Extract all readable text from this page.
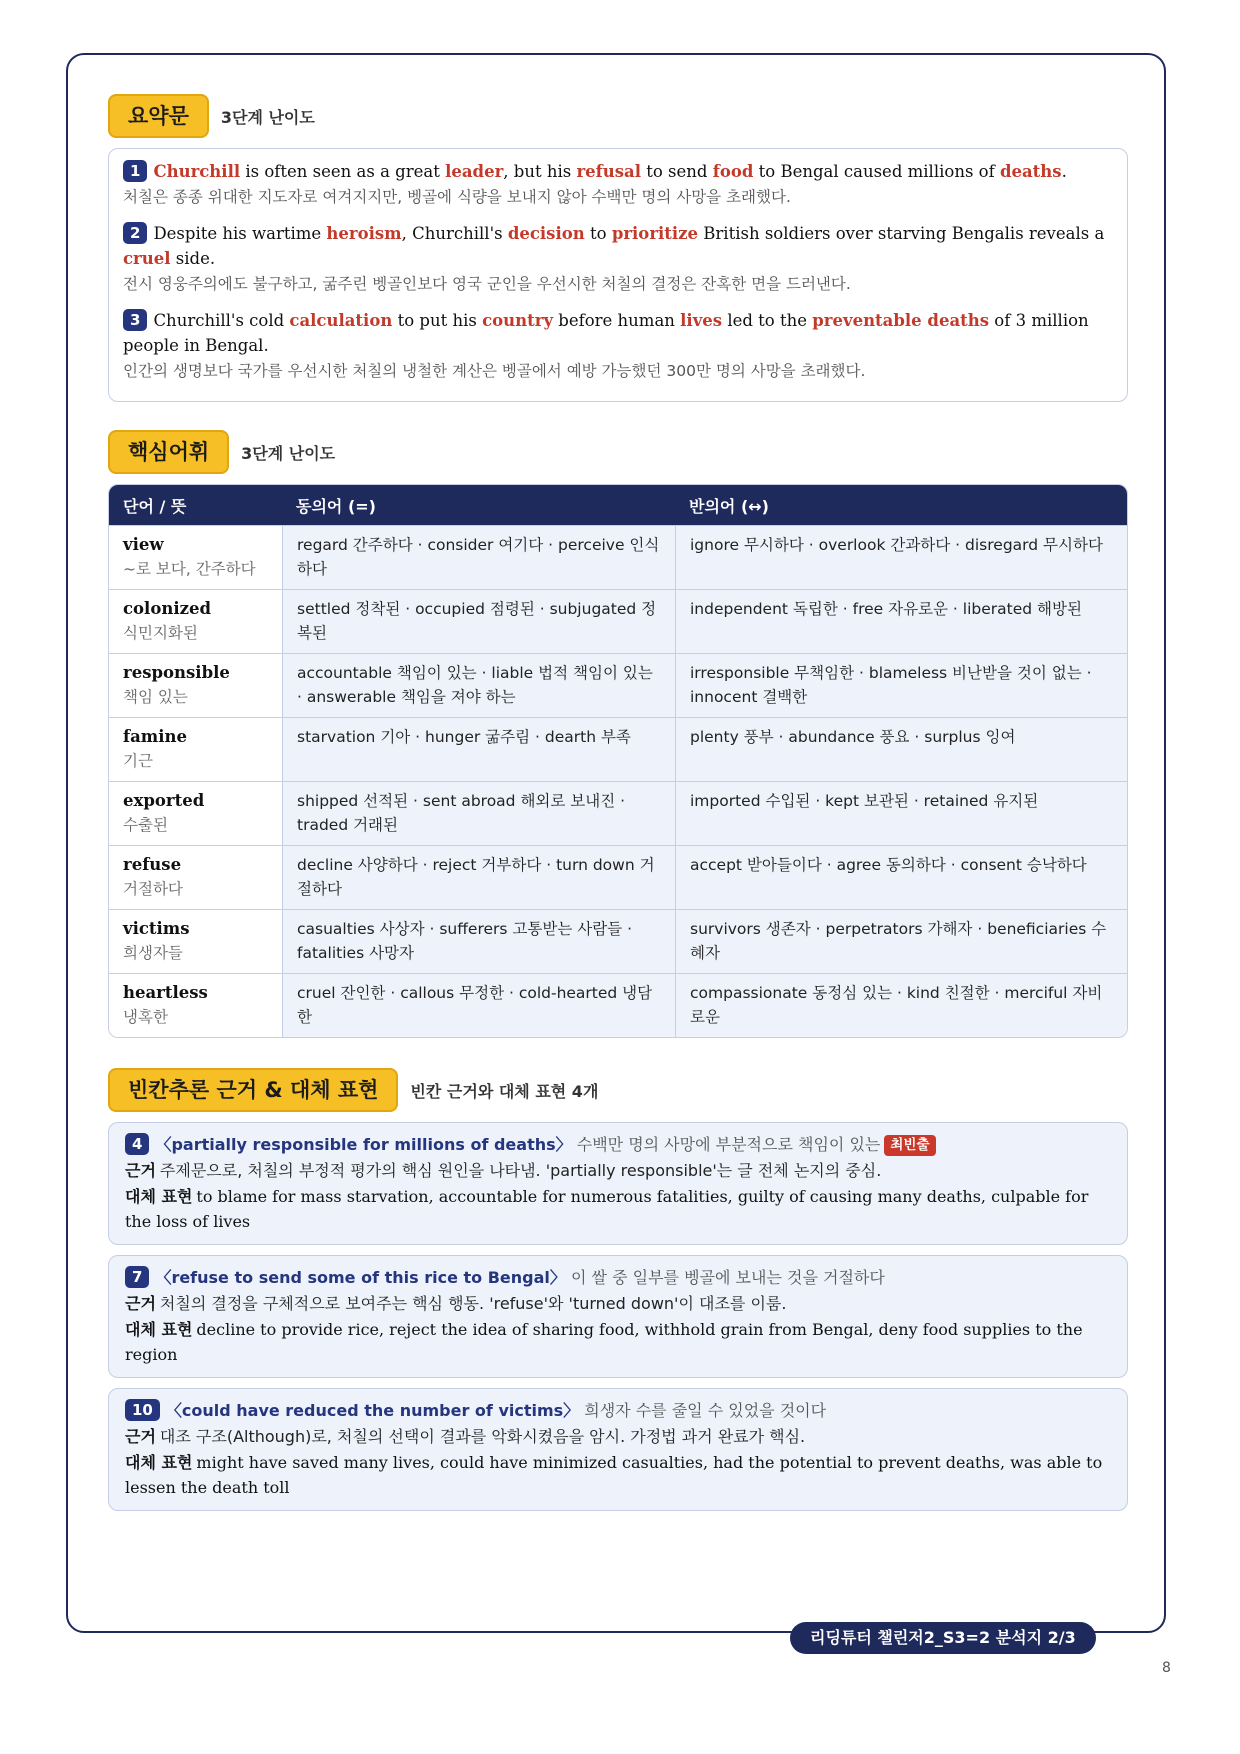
요약문	3단계 난이도
1 Churchill is often seen as a great leader, but his refusal to send food to Bengal caused millions of deaths.
처칠은 종종 위대한 지도자로 여겨지지만, 벵골에 식량을 보내지 않아 수백만 명의 사망을 초래했다.
2 Despite his wartime heroism, Churchill's decision to prioritize British soldiers over starving Bengalis reveals a cruel side.
전시 영웅주의에도 불구하고, 굶주린 벵골인보다 영국 군인을 우선시한 처칠의 결정은 잔혹한 면을 드러낸다.
3 Churchill's cold calculation to put his country before human lives led to the preventable deaths of 3 million people in Bengal.
인간의 생명보다 국가를 우선시한 처칠의 냉철한 계산은 벵골에서 예방 가능했던 300만 명의 사망을 초래했다.
핵심어휘	3단계 난이도
단어 / 뜻	동의어 (=)	반의어 (↔)

view
~로 보다, 간주하다	regard 간주하다 · consider 여기다 · perceive 인식하다	ignore 무시하다 · overlook 간과하다 · disregard 무시하다

colonized
식민지화된	settled 정착된 · occupied 점령된 · subjugated 정복된	independent 독립한 · free 자유로운 · liberated 해방된

responsible
책임 있는	accountable 책임이 있는 · liable 법적 책임이 있는 · answerable 책임을 져야 하는	irresponsible 무책임한 · blameless 비난받을 것이 없는 · innocent 결백한

famine
기근	starvation 기아 · hunger 굶주림 · dearth 부족	plenty 풍부 · abundance 풍요 · surplus 잉여

exported
수출된	shipped 선적된 · sent abroad 해외로 보내진 · traded 거래된	imported 수입된 · kept 보관된 · retained 유지된

refuse
거절하다	decline 사양하다 · reject 거부하다 · turn down 거절하다	accept 받아들이다 · agree 동의하다 · consent 승낙하다

victims
희생자들	casualties 사상자 · sufferers 고통받는 사람들 · fatalities 사망자	survivors 생존자 · perpetrators 가해자 · beneficiaries 수혜자

heartless
냉혹한	cruel 잔인한 · callous 무정한 · cold-hearted 냉담한	compassionate 동정심 있는 · kind 친절한 · merciful 자비로운
빈칸추론 근거 & 대체 표현	빈칸 근거와 대체 표현 4개
4 〈partially responsible for millions of deaths〉 수백만 명의 사망에 부분적으로 책임이 있는 최빈출
근거 주제문으로, 처칠의 부정적 평가의 핵심 원인을 나타냄. 'partially responsible'는 글 전체 논지의 중심.
대체 표현 to blame for mass starvation, accountable for numerous fatalities, guilty of causing many deaths, culpable for the loss of lives
7 〈refuse to send some of this rice to Bengal〉 이 쌀 중 일부를 벵골에 보내는 것을 거절하다
근거 처칠의 결정을 구체적으로 보여주는 핵심 행동. 'refuse'와 'turned down'이 대조를 이룸.
대체 표현 decline to provide rice, reject the idea of sharing food, withhold grain from Bengal, deny food supplies to the region
10 〈could have reduced the number of victims〉 희생자 수를 줄일 수 있었을 것이다
근거 대조 구조(Although)로, 처칠의 선택이 결과를 악화시켰음을 암시. 가정법 과거 완료가 핵심.
대체 표현 might have saved many lives, could have minimized casualties, had the potential to prevent deaths, was able to lessen the death toll
리딩튜터 챌린저2_S3=2 분석지 2/3
8
